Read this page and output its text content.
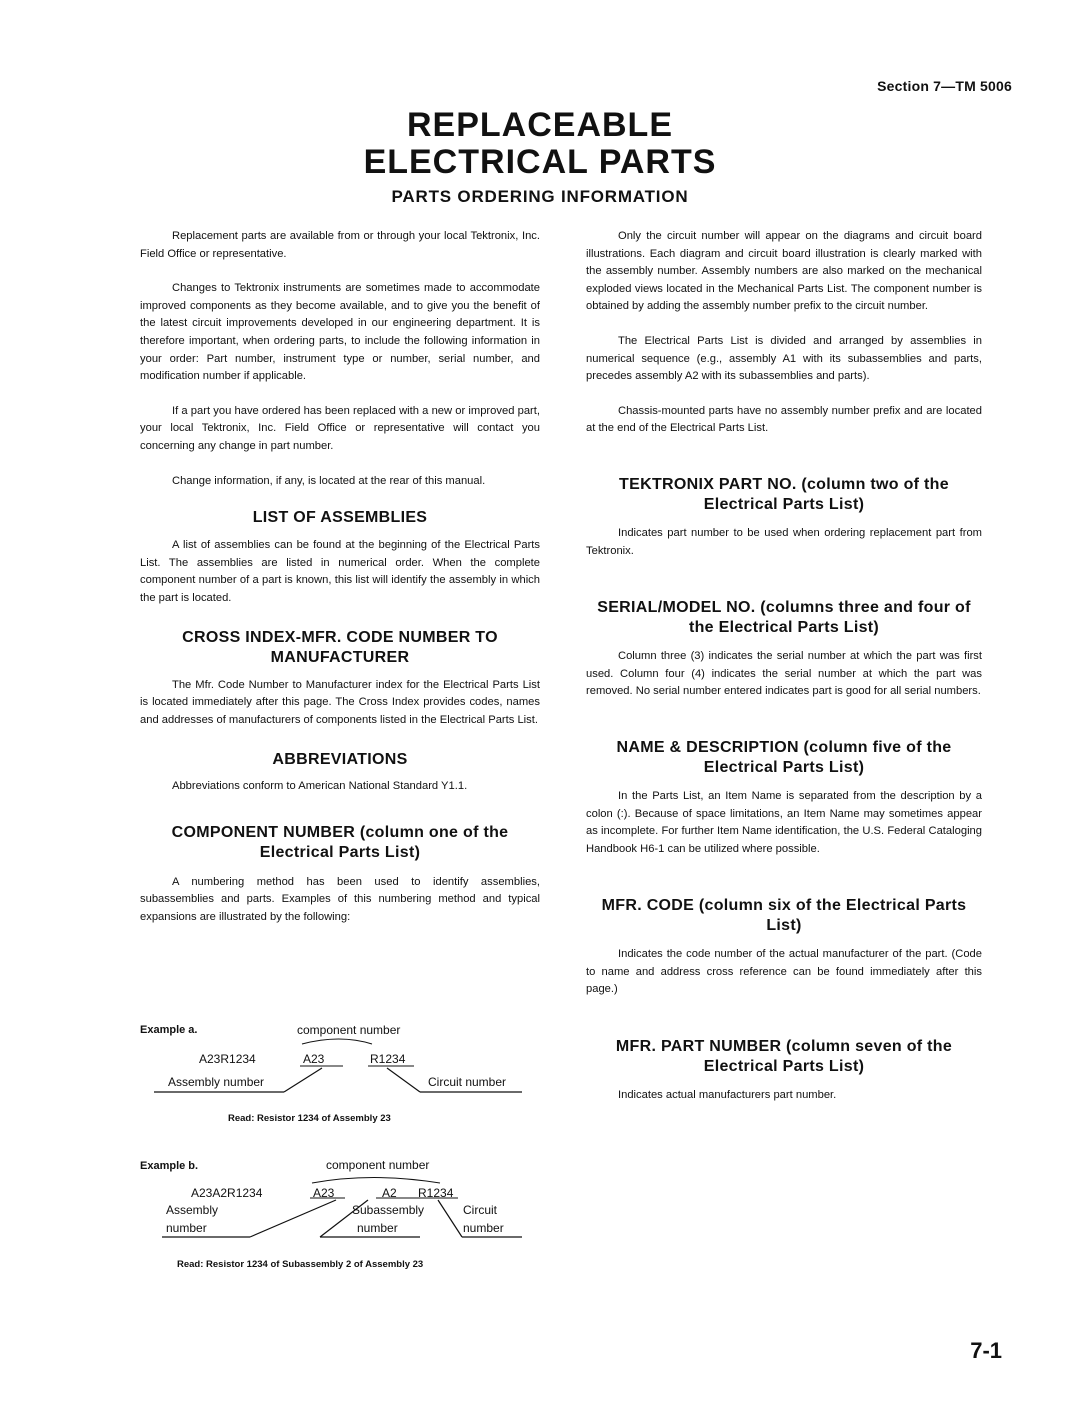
Section 7—TM 5006
REPLACEABLE
ELECTRICAL PARTS
PARTS ORDERING INFORMATION

Replacement parts are available from or through your local Tektronix, Inc. Field Office or representative.

Changes to Tektronix instruments are sometimes made to accommodate improved components as they become available, and to give you the benefit of the latest circuit improvements developed in our engineering department. It is therefore important, when ordering parts, to include the following information in your order: Part number, instrument type or number, serial number, and modification number if applicable.

If a part you have ordered has been replaced with a new or improved part, your local Tektronix, Inc. Field Office or representative will contact you concerning any change in part number.

Change information, if any, is located at the rear of this manual.

LIST OF ASSEMBLIES

A list of assemblies can be found at the beginning of the Electrical Parts List. The assemblies are listed in numerical order. When the complete component number of a part is known, this list will identify the assembly in which the part is located.

CROSS INDEX-MFR. CODE NUMBER TO MANUFACTURER

The Mfr. Code Number to Manufacturer index for the Electrical Parts List is located immediately after this page. The Cross Index provides codes, names and addresses of manufacturers of components listed in the Electrical Parts List.

ABBREVIATIONS

Abbreviations conform to American National Standard Y1.1.

COMPONENT NUMBER (column one of the Electrical Parts List)

A numbering method has been used to identify assemblies, subassemblies and parts. Examples of this numbering method and typical expansions are illustrated by the following:

Example a.	component number
A23R1234	A23	R1234
Assembly number	Circuit number
Read: Resistor 1234 of Assembly 23
Example b.	component number
A23A2R1234	A23	A2 R1234
Assembly
number
Subassembly
number
Circuit
number
Read: Resistor 1234 of Subassembly 2 of Assembly 23

Only the circuit number will appear on the diagrams and circuit board illustrations. Each diagram and circuit board illustration is clearly marked with the assembly number. Assembly numbers are also marked on the mechanical exploded views located in the Mechanical Parts List. The component number is obtained by adding the assembly number prefix to the circuit number.

The Electrical Parts List is divided and arranged by assemblies in numerical sequence (e.g., assembly A1 with its subassemblies and parts, precedes assembly A2 with its subassemblies and parts).

Chassis-mounted parts have no assembly number prefix and are located at the end of the Electrical Parts List.

TEKTRONIX PART NO. (column two of the Electrical Parts List)

Indicates part number to be used when ordering replacement part from Tektronix.

SERIAL/MODEL NO. (columns three and four of the Electrical Parts List)

Column three (3) indicates the serial number at which the part was first used. Column four (4) indicates the serial number at which the part was removed. No serial number entered indicates part is good for all serial numbers.

NAME & DESCRIPTION (column five of the Electrical Parts List)

In the Parts List, an Item Name is separated from the description by a colon (:). Because of space limitations, an Item Name may sometimes appear as incomplete. For further Item Name identification, the U.S. Federal Cataloging Handbook H6-1 can be utilized where possible.

MFR. CODE (column six of the Electrical Parts List)

Indicates the code number of the actual manufacturer of the part. (Code to name and address cross reference can be found immediately after this page.)

MFR. PART NUMBER (column seven of the Electrical Parts List)

Indicates actual manufacturers part number.

7-1
